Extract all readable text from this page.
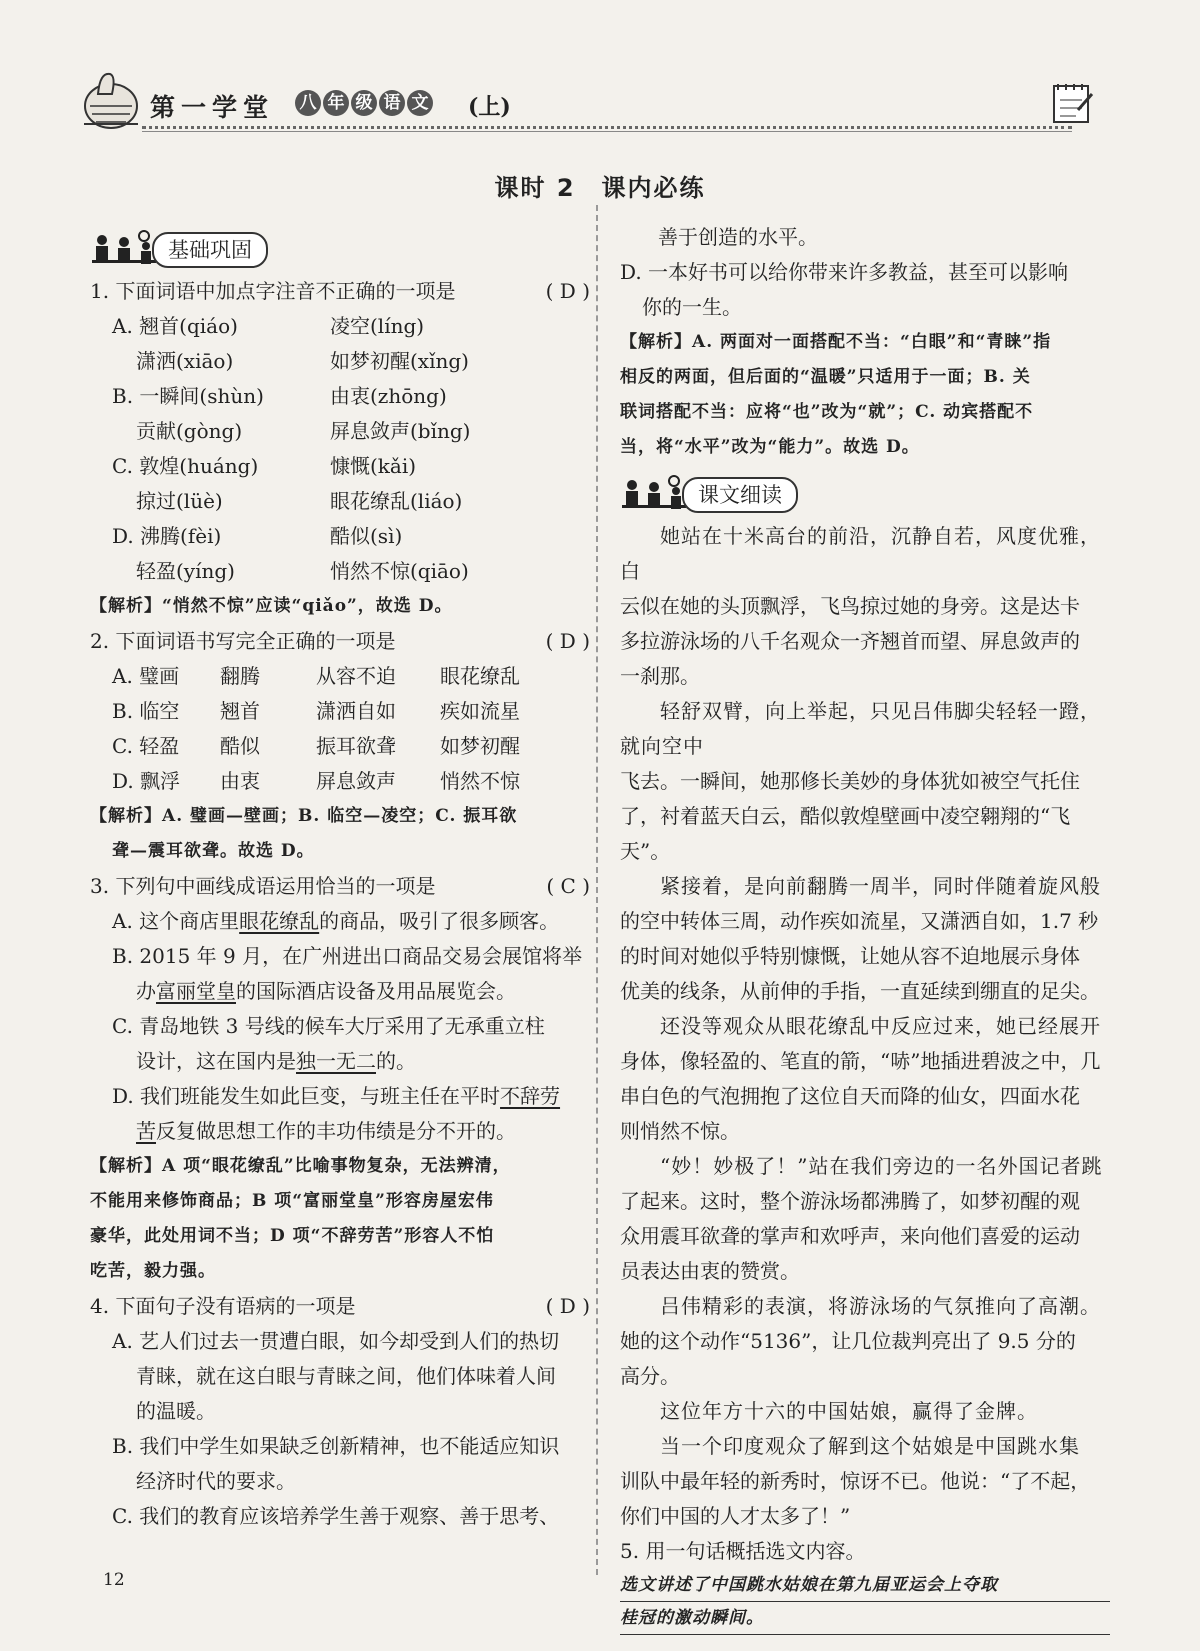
第一学堂 八 年 级 语 文 (上)
课时 2　课内必练
基础巩固
1. 下面词语中加点字注音不正确的一项是	( D )
A. 翘首(qiáo)	凌空(líng)
潇洒(xiāo)	如梦初醒(xǐng)
B. 一瞬间(shùn)	由衷(zhōng)
贡献(gòng)	屏息敛声(bǐng)
C. 敦煌(huáng)	慷慨(kǎi)
掠过(lüè)	眼花缭乱(liáo)
D. 沸腾(fèi)	酷似(sì)
轻盈(yíng)	悄然不惊(qiāo)
【解析】“悄然不惊”应读“qiǎo”，故选 D。
2. 下面词语书写完全正确的一项是	( D )
A. 璧画	翻腾	从容不迫	眼花缭乱
B. 临空	翘首	潇洒自如	疾如流星
C. 轻盈	酷似	振耳欲聋	如梦初醒
D. 飘浮	由衷	屏息敛声	悄然不惊
【解析】A. 璧画—壁画；B. 临空—凌空；C. 振耳欲
聋—震耳欲聋。故选 D。
3. 下列句中画线成语运用恰当的一项是	( C )
A. 这个商店里眼花缭乱的商品，吸引了很多顾客。
B. 2015 年 9 月，在广州进出口商品交易会展馆将举
办富丽堂皇的国际酒店设备及用品展览会。
C. 青岛地铁 3 号线的候车大厅采用了无承重立柱
设计，这在国内是独一无二的。
D. 我们班能发生如此巨变，与班主任在平时不辞劳
苦反复做思想工作的丰功伟绩是分不开的。
【解析】A 项“眼花缭乱”比喻事物复杂，无法辨清，
不能用来修饰商品；B 项“富丽堂皇”形容房屋宏伟
豪华，此处用词不当；D 项“不辞劳苦”形容人不怕
吃苦，毅力强。
4. 下面句子没有语病的一项是	( D )
A. 艺人们过去一贯遭白眼，如今却受到人们的热切
青睐，就在这白眼与青睐之间，他们体味着人间
的温暖。
B. 我们中学生如果缺乏创新精神，也不能适应知识
经济时代的要求。
C. 我们的教育应该培养学生善于观察、善于思考、
善于创造的水平。
D. 一本好书可以给你带来许多教益，甚至可以影响
你的一生。
【解析】A. 两面对一面搭配不当：“白眼”和“青睐”指
相反的两面，但后面的“温暖”只适用于一面；B. 关
联词搭配不当：应将“也”改为“就”；C. 动宾搭配不
当，将“水平”改为“能力”。故选 D。
课文细读
她站在十米高台的前沿，沉静自若，风度优雅，白
云似在她的头顶飘浮，飞鸟掠过她的身旁。这是达卡
多拉游泳场的八千名观众一齐翘首而望、屏息敛声的
一刹那。
轻舒双臂，向上举起，只见吕伟脚尖轻轻一蹬，就向空中
飞去。一瞬间，她那修长美妙的身体犹如被空气托住
了，衬着蓝天白云，酷似敦煌壁画中凌空翱翔的“飞天”。
紧接着，是向前翻腾一周半，同时伴随着旋风般
的空中转体三周，动作疾如流星，又潇洒自如，1.7 秒
的时间对她似乎特别慷慨，让她从容不迫地展示身体
优美的线条，从前伸的手指，一直延续到绷直的足尖。
还没等观众从眼花缭乱中反应过来，她已经展开
身体，像轻盈的、笔直的箭，“哧”地插进碧波之中，几
串白色的气泡拥抱了这位自天而降的仙女，四面水花
则悄然不惊。
“妙！妙极了！”站在我们旁边的一名外国记者跳
了起来。这时，整个游泳场都沸腾了，如梦初醒的观
众用震耳欲聋的掌声和欢呼声，来向他们喜爱的运动
员表达由衷的赞赏。
吕伟精彩的表演，将游泳场的气氛推向了高潮。
她的这个动作“5136”，让几位裁判亮出了 9.5 分的
高分。
这位年方十六的中国姑娘，赢得了金牌。
当一个印度观众了解到这个姑娘是中国跳水集
训队中最年轻的新秀时，惊讶不已。他说：“了不起，
你们中国的人才太多了！”
5. 用一句话概括选文内容。
选文讲述了中国跳水姑娘在第九届亚运会上夺取
桂冠的激动瞬间。
12
